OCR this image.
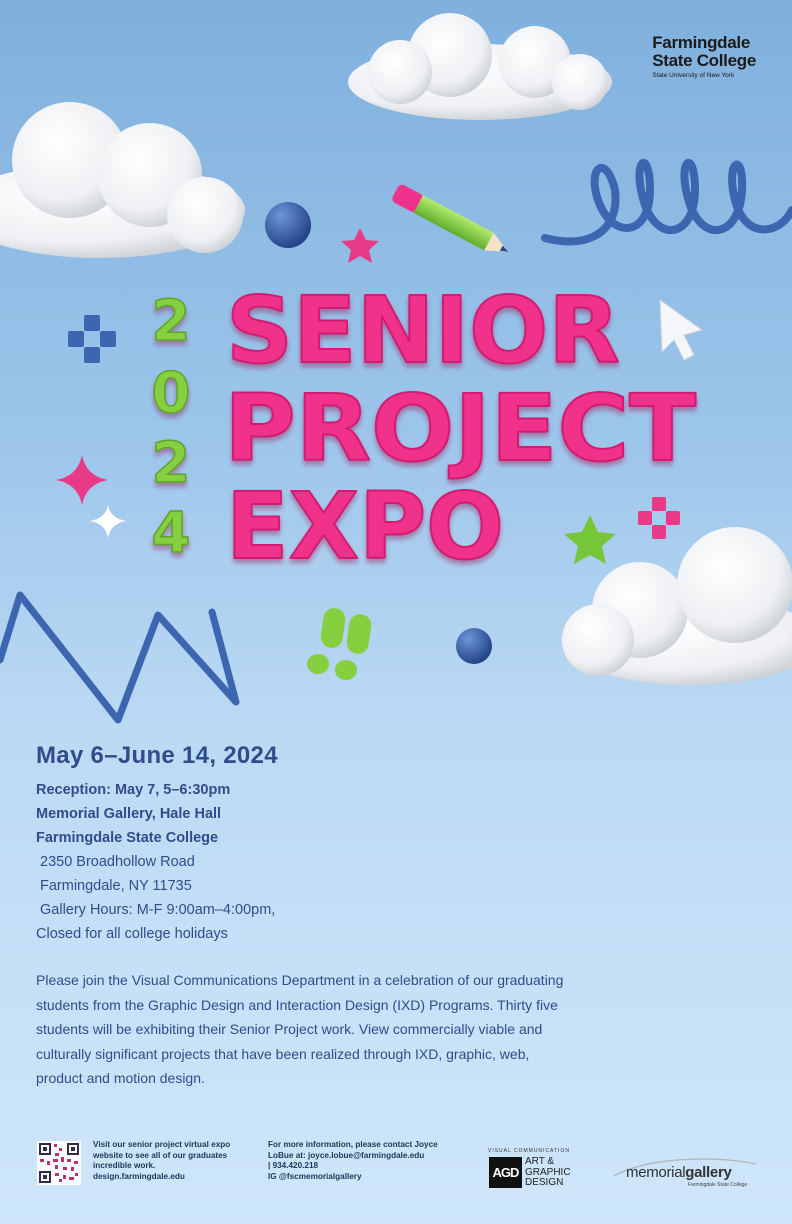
2
0
2
4
SENIOR
PROJECT
EXPO
Farmingdale
State College
State University of New York
May 6–June 14, 2024
Reception: May 7, 5–6:30pm
Memorial Gallery, Hale Hall
Farmingdale State College
2350 Broadhollow Road
Farmingdale, NY 11735
Gallery Hours: M-F 9:00am–4:00pm,
Closed for all college holidays
Please join the Visual Communications Department in a celebration of our graduating students from the Graphic Design and Interaction Design (IXD) Programs. Thirty five students will be exhibiting their Senior Project work. View commercially viable and culturally significant projects that have been realized through IXD, graphic, web, product and motion design.
Visit our senior project virtual expo
website to see all of our graduates
incredible work.
design.farmingdale.edu
For more information, please contact Joyce
LoBue at: joyce.lobue@farmingdale.edu
| 934.420.218
IG @fscmemorialgallery
VISUAL COMMUNICATION
AGD
ART &
GRAPHIC
DESIGN
memorialgallery
Farmingdale State College
